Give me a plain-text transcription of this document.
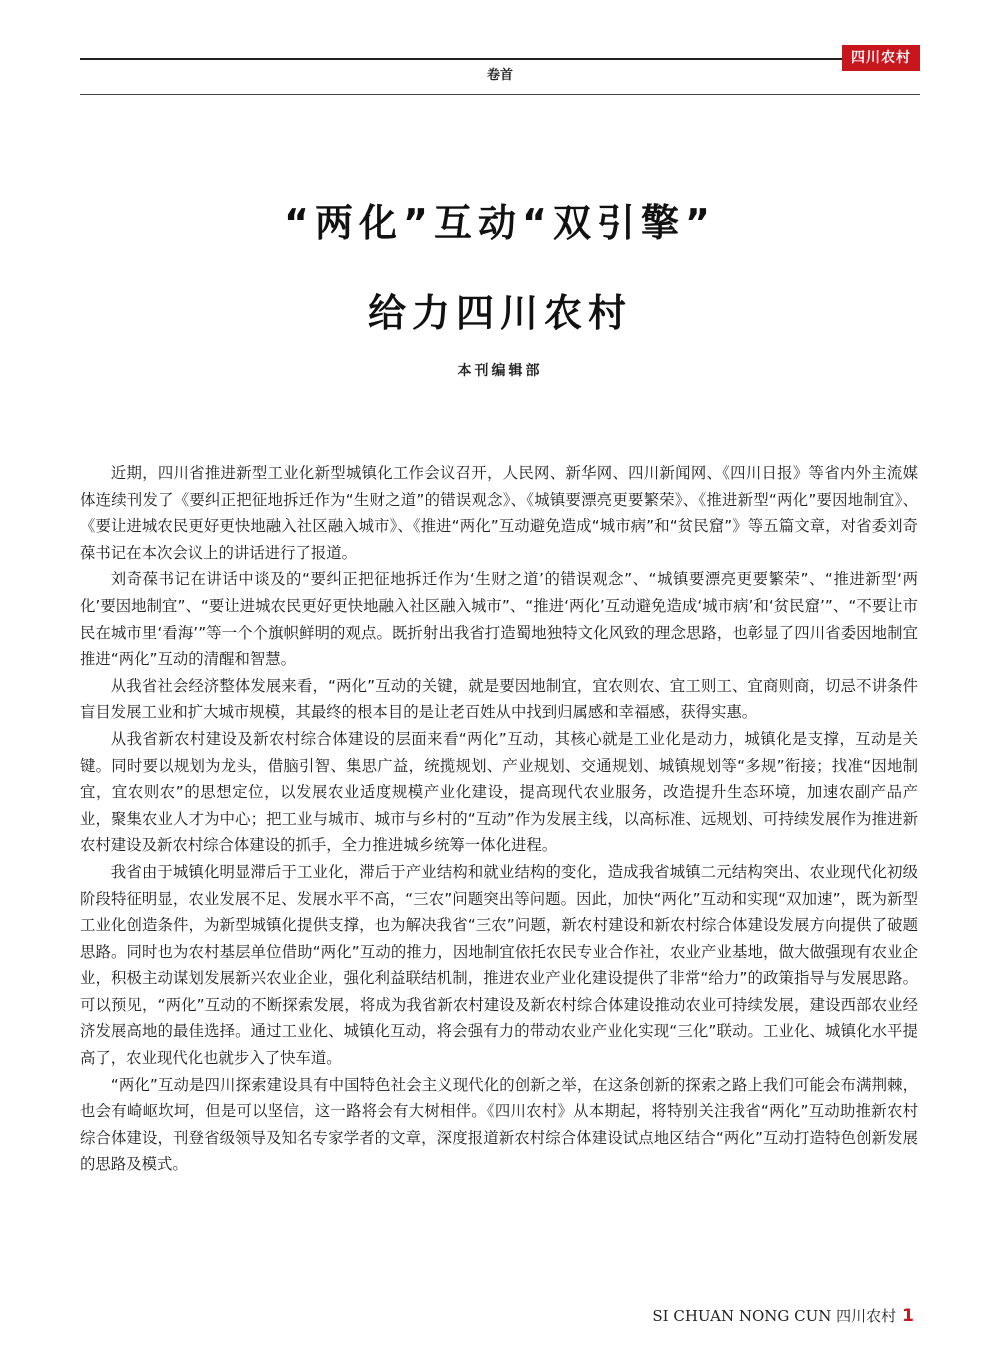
四川农村
卷首
“两化”互动“双引擎”
给力四川农村
本刊编辑部

近期，四川省推进新型工业化新型城镇化工作会议召开，人民网、新华网、四川新闻网、《四川日报》等省内外主流媒体连续刊发了《要纠正把征地拆迁作为“生财之道”的错误观念》、《城镇要漂亮更要繁荣》、《推进新型“两化”要因地制宜》、《要让进城农民更好更快地融入社区融入城市》、《推进“两化”互动避免造成“城市病”和“贫民窟”》等五篇文章，对省委刘奇葆书记在本次会议上的讲话进行了报道。

刘奇葆书记在讲话中谈及的“要纠正把征地拆迁作为‘生财之道’的错误观念”、“城镇要漂亮更要繁荣”、“推进新型‘两化’要因地制宜”、“要让进城农民更好更快地融入社区融入城市”、“推进‘两化’互动避免造成‘城市病’和‘贫民窟’”、“不要让市民在城市里‘看海’”等一个个旗帜鲜明的观点。既折射出我省打造蜀地独特文化风致的理念思路，也彰显了四川省委因地制宜推进“两化”互动的清醒和智慧。

从我省社会经济整体发展来看，“两化”互动的关键，就是要因地制宜，宜农则农、宜工则工、宜商则商，切忌不讲条件盲目发展工业和扩大城市规模，其最终的根本目的是让老百姓从中找到归属感和幸福感，获得实惠。

从我省新农村建设及新农村综合体建设的层面来看“两化”互动，其核心就是工业化是动力，城镇化是支撑，互动是关键。同时要以规划为龙头，借脑引智、集思广益，统揽规划、产业规划、交通规划、城镇规划等“多规”衔接；找准“因地制宜，宜农则农”的思想定位，以发展农业适度规模产业化建设，提高现代农业服务，改造提升生态环境，加速农副产品产业，聚集农业人才为中心；把工业与城市、城市与乡村的“互动”作为发展主线，以高标准、远规划、可持续发展作为推进新农村建设及新农村综合体建设的抓手，全力推进城乡统筹一体化进程。

我省由于城镇化明显滞后于工业化，滞后于产业结构和就业结构的变化，造成我省城镇二元结构突出、农业现代化初级阶段特征明显，农业发展不足、发展水平不高，“三农”问题突出等问题。因此，加快“两化”互动和实现“双加速”，既为新型工业化创造条件，为新型城镇化提供支撑，也为解决我省“三农”问题，新农村建设和新农村综合体建设发展方向提供了破题思路。同时也为农村基层单位借助“两化”互动的推力，因地制宜依托农民专业合作社，农业产业基地，做大做强现有农业企业，积极主动谋划发展新兴农业企业，强化利益联结机制，推进农业产业化建设提供了非常“给力”的政策指导与发展思路。可以预见，“两化”互动的不断探索发展，将成为我省新农村建设及新农村综合体建设推动农业可持续发展，建设西部农业经济发展高地的最佳选择。通过工业化、城镇化互动，将会强有力的带动农业产业化实现“三化”联动。工业化、城镇化水平提高了，农业现代化也就步入了快车道。

“两化”互动是四川探索建设具有中国特色社会主义现代化的创新之举，在这条创新的探索之路上我们可能会布满荆棘，也会有崎岖坎坷，但是可以坚信，这一路将会有大树相伴。《四川农村》从本期起，将特别关注我省“两化”互动助推新农村综合体建设，刊登省级领导及知名专家学者的文章，深度报道新农村综合体建设试点地区结合“两化”互动打造特色创新发展的思路及模式。

SI CHUAN NONG CUN 四川农村 1
